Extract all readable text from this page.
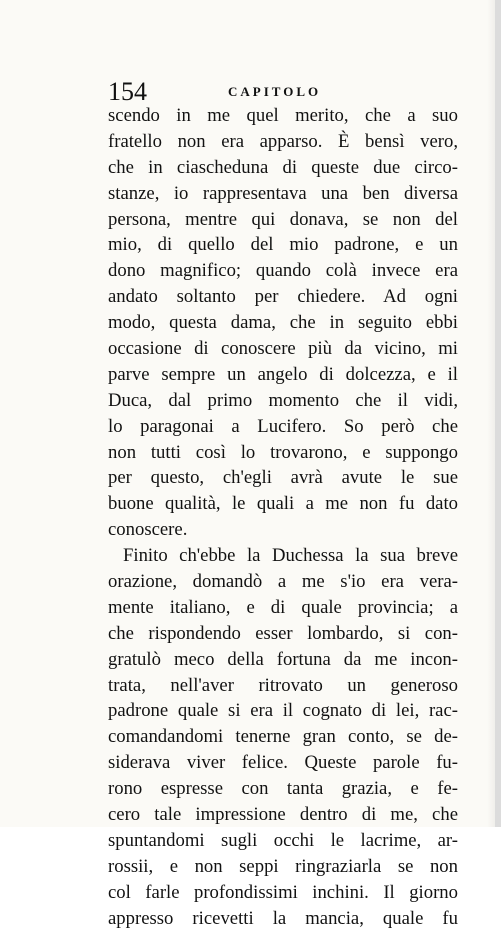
154	CAPITOLO
scendo in me quel merito, che a suo
fratello non era apparso. È bensì vero,
che in ciascheduna di queste due circo-
stanze, io rappresentava una ben diversa
persona, mentre qui donava, se non del
mio, di quello del mio padrone, e un
dono magnifico; quando colà invece era
andato soltanto per chiedere. Ad ogni
modo, questa dama, che in seguito ebbi
occasione di conoscere più da vicino, mi
parve sempre un angelo di dolcezza, e il
Duca, dal primo momento che il vidi,
lo paragonai a Lucifero. So però che
non tutti così lo trovarono, e suppongo
per questo, ch'egli avrà avute le sue
buone qualità, le quali a me non fu dato
conoscere.
Finito ch'ebbe la Duchessa la sua breve
orazione, domandò a me s'io era vera-
mente italiano, e di quale provincia; a
che rispondendo esser lombardo, si con-
gratulò meco della fortuna da me incon-
trata, nell'aver ritrovato un generoso
padrone quale si era il cognato di lei, rac-
comandandomi tenerne gran conto, se de-
siderava viver felice. Queste parole fu-
rono espresse con tanta grazia, e fe-
cero tale impressione dentro di me, che
spuntandomi sugli occhi le lacrime, ar-
rossii, e non seppi ringraziarla se non
col farle profondissimi inchini. Il giorno
appresso ricevetti la mancia, quale fu
